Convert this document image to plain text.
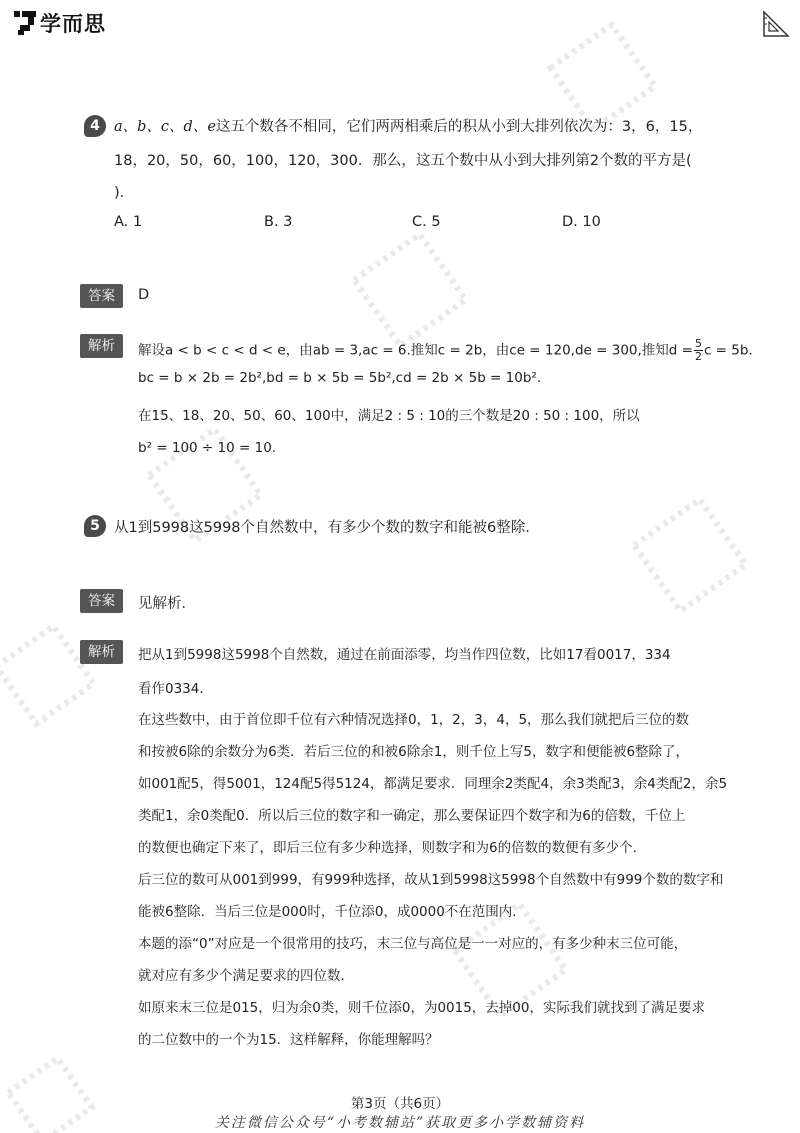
学而思
4 a、b、c、d、e这五个数各不相同，它们两两相乘后的积从小到大排列依次为：3，6，15，
18，20，50，60，100，120，300．那么，这五个数中从小到大排列第2个数的平方是(
)．
A. 1	B. 3	C. 5	D. 10
答案	D
解析	解设a < b < c < d < e，由ab = 3,ac = 6.推知c = 2b，由ce = 120,de = 300,推知$d = \frac{5}{2}$ c = 5b．
bc = b × 2b = 2b²,bd = b × 5b = 5b²,cd = 2b × 5b = 10b².
在15、18、20、50、60、100中，满足2 : 5 : 10的三个数是20 : 50 : 100，所以
b² = 100 ÷ 10 = 10．
5 从1到5998这5998个自然数中，有多少个数的数字和能被6整除．
答案	见解析．
解析	把从1到5998这5998个自然数，通过在前面添零，均当作四位数，比如17看0017，334
看作0334．
在这些数中，由于首位即千位有六种情况选择0，1，2，3，4，5，那么我们就把后三位的数
和按被6除的余数分为6类．若后三位的和被6除余1，则千位上写5，数字和便能被6整除了，
如001配5，得5001，124配5得5124，都满足要求．同理余2类配4，余3类配3，余4类配2，余5
类配1，余0类配0．所以后三位的数字和一确定，那么要保证四个数字和为6的倍数，千位上
的数便也确定下来了，即后三位有多少种选择，则数字和为6的倍数的数便有多少个．
后三位的数可从001到999，有999种选择，故从1到5998这5998个自然数中有999个数的数字和
能被6整除．当后三位是000时，千位添0，成0000不在范围内．
本题的添“0”对应是一个很常用的技巧，末三位与高位是一一对应的，有多少种末三位可能，
就对应有多少个满足要求的四位数．
如原来末三位是015，归为余0类，则千位添0，为0015，去掉00，实际我们就找到了满足要求
的二位数中的一个为15．这样解释，你能理解吗？
第3页（共6页）
关注微信公众号“小考数辅站”获取更多小学数辅资料
